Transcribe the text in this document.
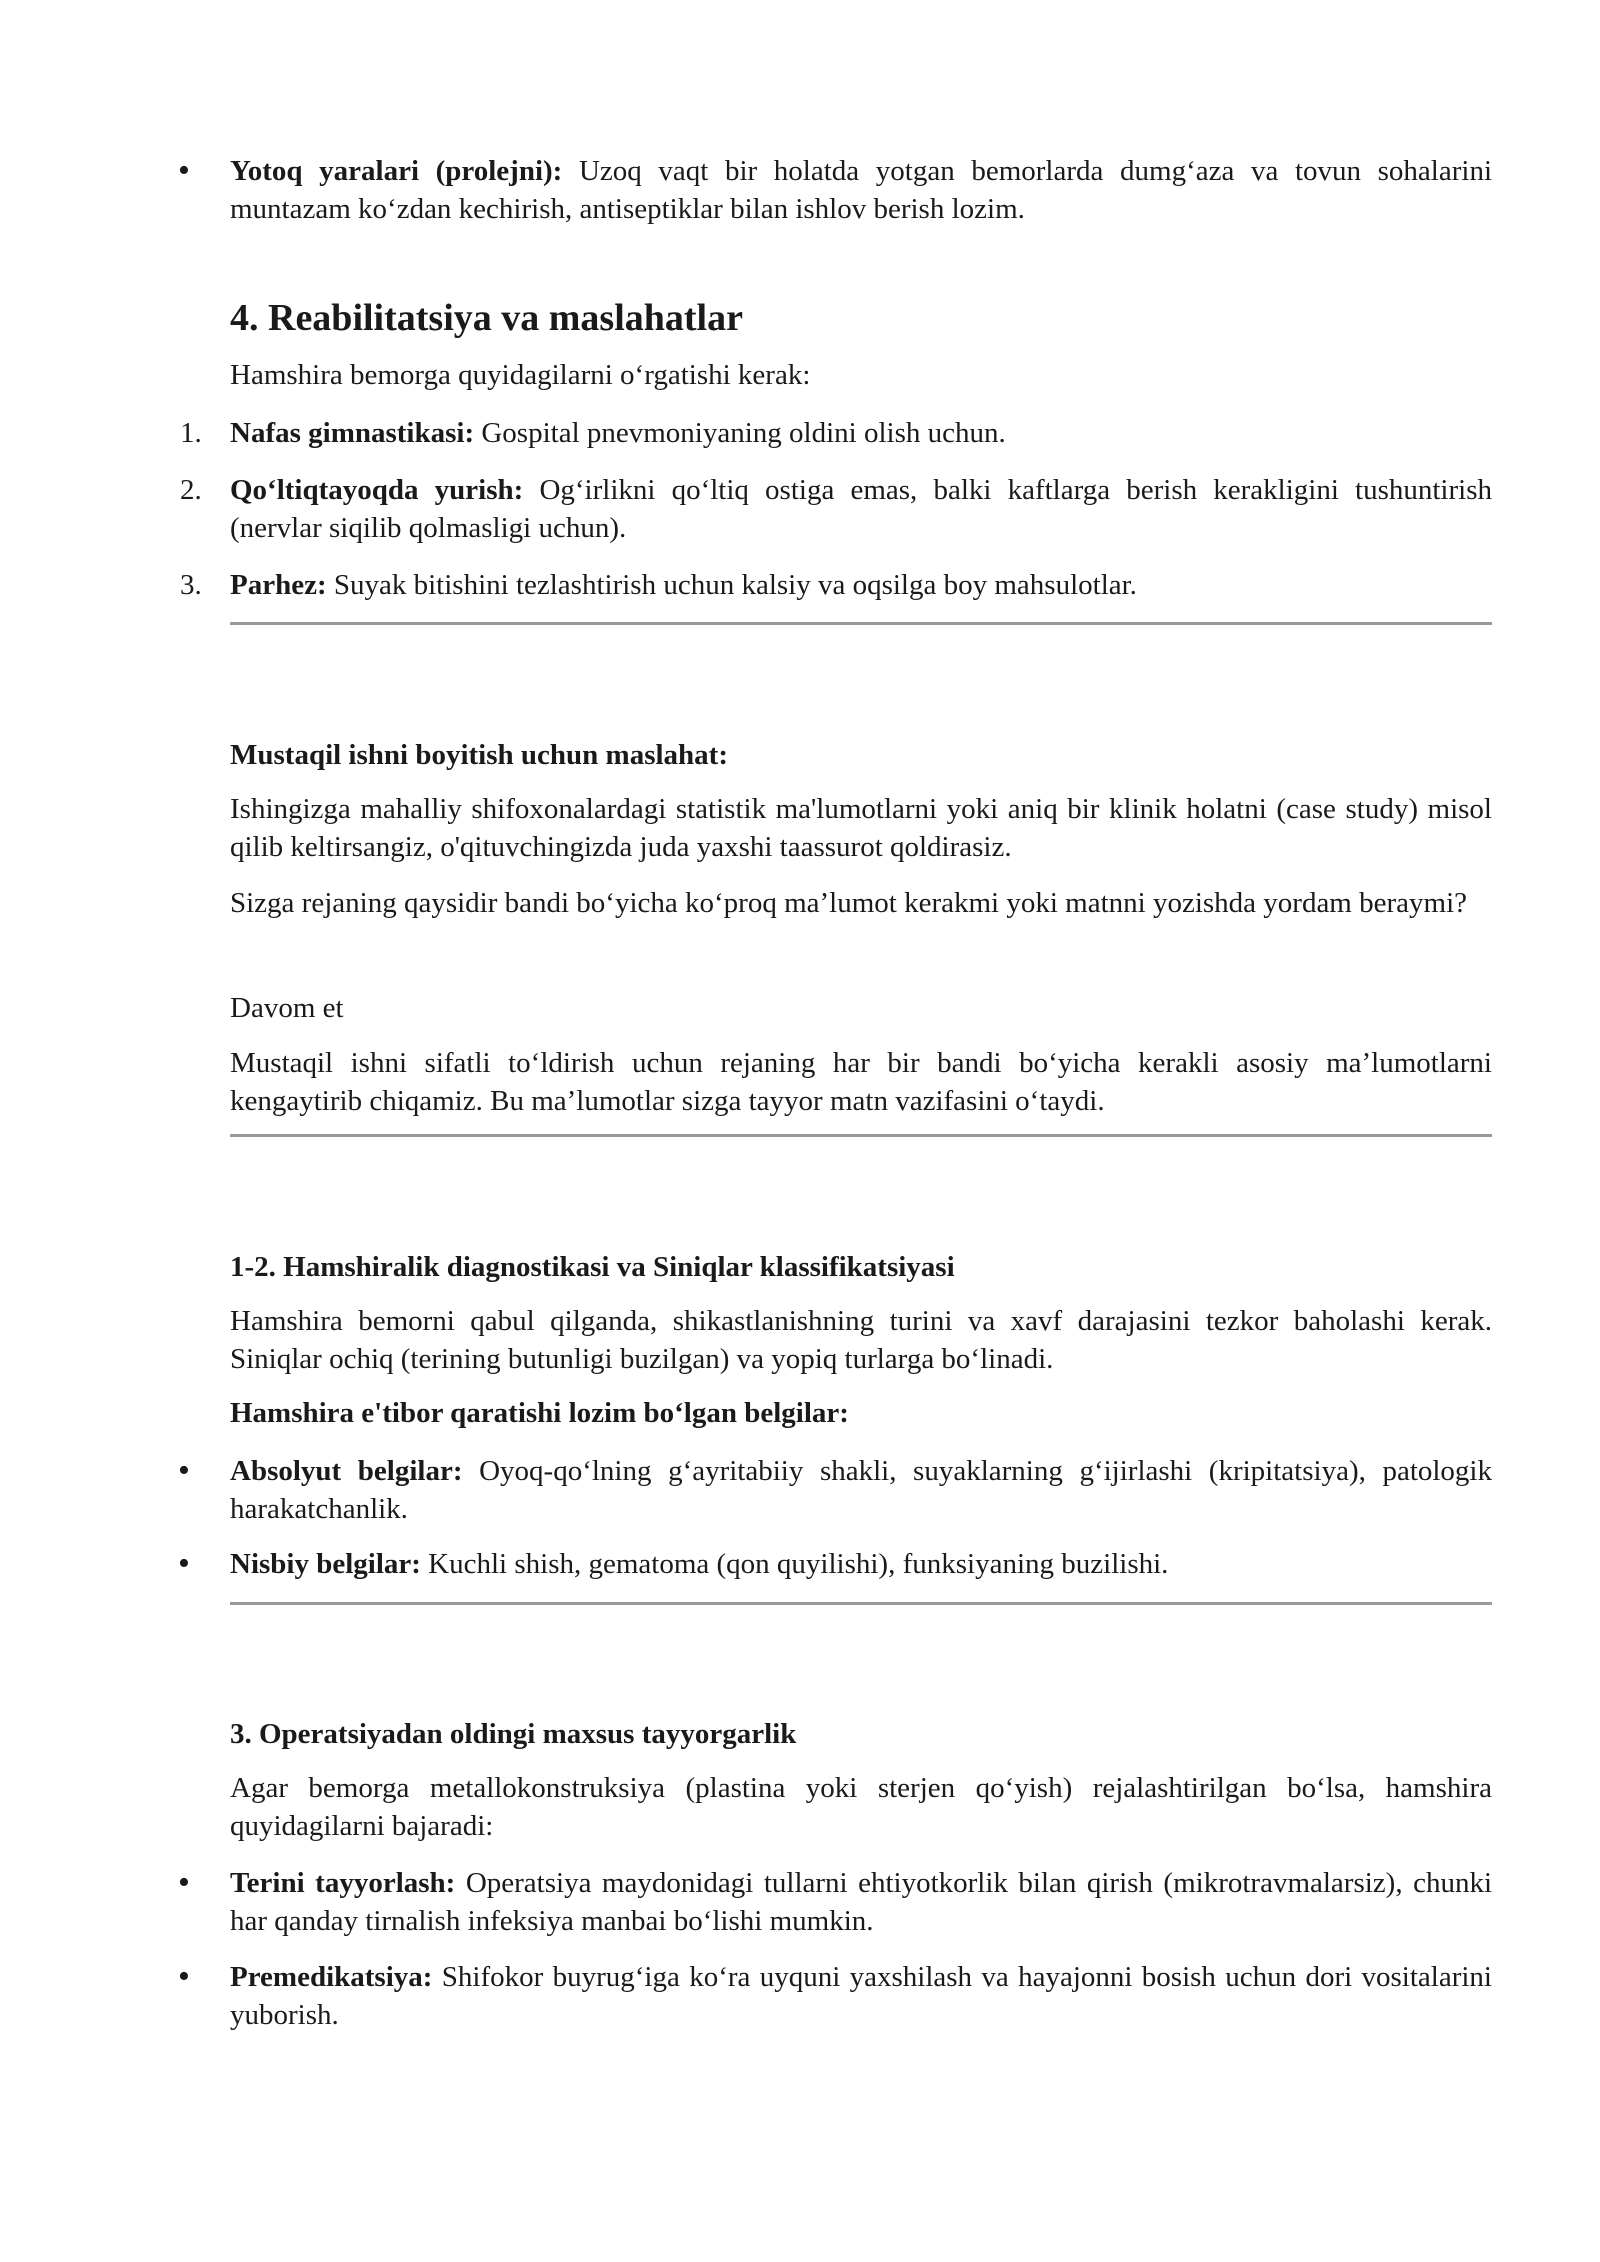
• Yotoq yaralari (prolejni): Uzoq vaqt bir holatda yotgan bemorlarda dumg‘aza va tovun sohalarini muntazam ko‘zdan kechirish, antiseptiklar bilan ishlov berish lozim.
4. Reabilitatsiya va maslahatlar

Hamshira bemorga quyidagilarni o‘rgatishi kerak:

1. Nafas gimnastikasi: Gospital pnevmoniyaning oldini olish uchun.
2. Qo‘ltiqtayoqda yurish: Og‘irlikni qo‘ltiq ostiga emas, balki kaftlarga berish kerakligini tushuntirish (nervlar siqilib qolmasligi uchun).
3. Parhez: Suyak bitishini tezlashtirish uchun kalsiy va oqsilga boy mahsulotlar.

Mustaqil ishni boyitish uchun maslahat:

Ishingizga mahalliy shifoxonalardagi statistik ma'lumotlarni yoki aniq bir klinik holatni (case study) misol qilib keltirsangiz, o'qituvchingizda juda yaxshi taassurot qoldirasiz.

Sizga rejaning qaysidir bandi bo‘yicha ko‘proq ma’lumot kerakmi yoki matnni yozishda yordam beraymi?

Davom et

Mustaqil ishni sifatli to‘ldirish uchun rejaning har bir bandi bo‘yicha kerakli asosiy ma’lumotlarni kengaytirib chiqamiz. Bu ma’lumotlar sizga tayyor matn vazifasini o‘taydi.

1-2. Hamshiralik diagnostikasi va Siniqlar klassifikatsiyasi

Hamshira bemorni qabul qilganda, shikastlanishning turini va xavf darajasini tezkor baholashi kerak. Siniqlar ochiq (terining butunligi buzilgan) va yopiq turlarga bo‘linadi.

Hamshira e'tibor qaratishi lozim bo‘lgan belgilar:

• Absolyut belgilar: Oyoq-qo‘lning g‘ayritabiiy shakli, suyaklarning g‘ijirlashi (kripitatsiya), patologik harakatchanlik.
• Nisbiy belgilar: Kuchli shish, gematoma (qon quyilishi), funksiyaning buzilishi.

3. Operatsiyadan oldingi maxsus tayyorgarlik

Agar bemorga metallokonstruksiya (plastina yoki sterjen qo‘yish) rejalashtirilgan bo‘lsa, hamshira quyidagilarni bajaradi:

• Terini tayyorlash: Operatsiya maydonidagi tullarni ehtiyotkorlik bilan qirish (mikrotravmalarsiz), chunki har qanday tirnalish infeksiya manbai bo‘lishi mumkin.
• Premedikatsiya: Shifokor buyrug‘iga ko‘ra uyquni yaxshilash va hayajonni bosish uchun dori vositalarini yuborish.
